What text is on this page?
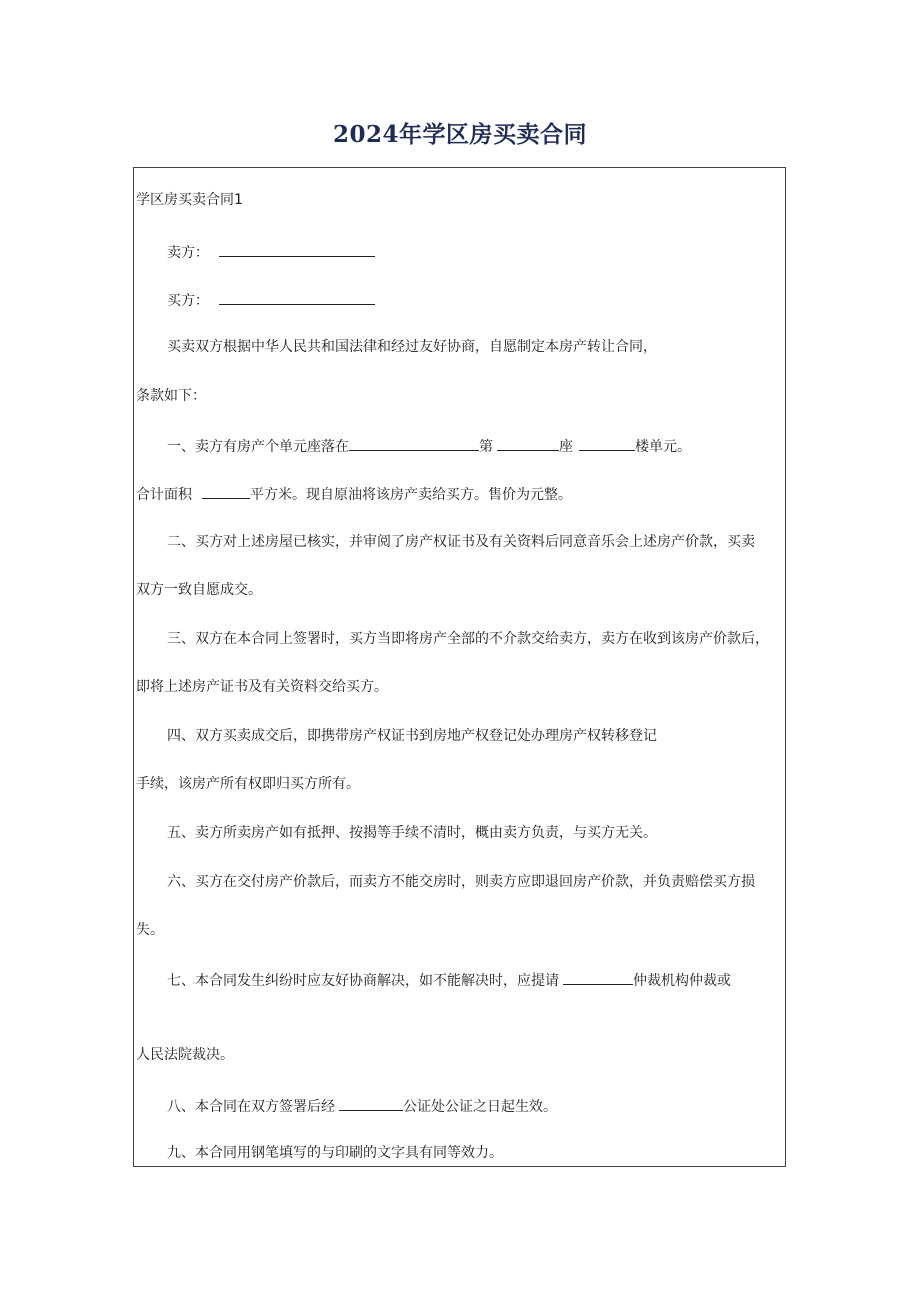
2024年学区房买卖合同
学区房买卖合同1
卖方：
买方：
买卖双方根据中华人民共和国法律和经过友好协商，自愿制定本房产转让合同，
条款如下：
一、卖方有房产个单元座落在	第	座	楼单元。
合计面积	平方米。现自原油将该房产卖给买方。售价为元整。
二、买方对上述房屋已核实，并审阅了房产权证书及有关资料后同意音乐会上述房产价款，买卖
双方一致自愿成交。
三、双方在本合同上签署时，买方当即将房产全部的不介款交给卖方，卖方在收到该房产价款后，
即将上述房产证书及有关资料交给买方。
四、双方买卖成交后，即携带房产权证书到房地产权登记处办理房产权转移登记
手续，该房产所有权即归买方所有。
五、卖方所卖房产如有抵押、按揭等手续不清时，概由卖方负责，与买方无关。
六、买方在交付房产价款后，而卖方不能交房时，则卖方应即退回房产价款，并负责赔偿买方损
失。
七、本合同发生纠纷时应友好协商解决，如不能解决时，应提请	仲裁机构仲裁或
人民法院裁决。
八、本合同在双方签署后经	公证处公证之日起生效。
九、本合同用钢笔填写的与印刷的文字具有同等效力。
